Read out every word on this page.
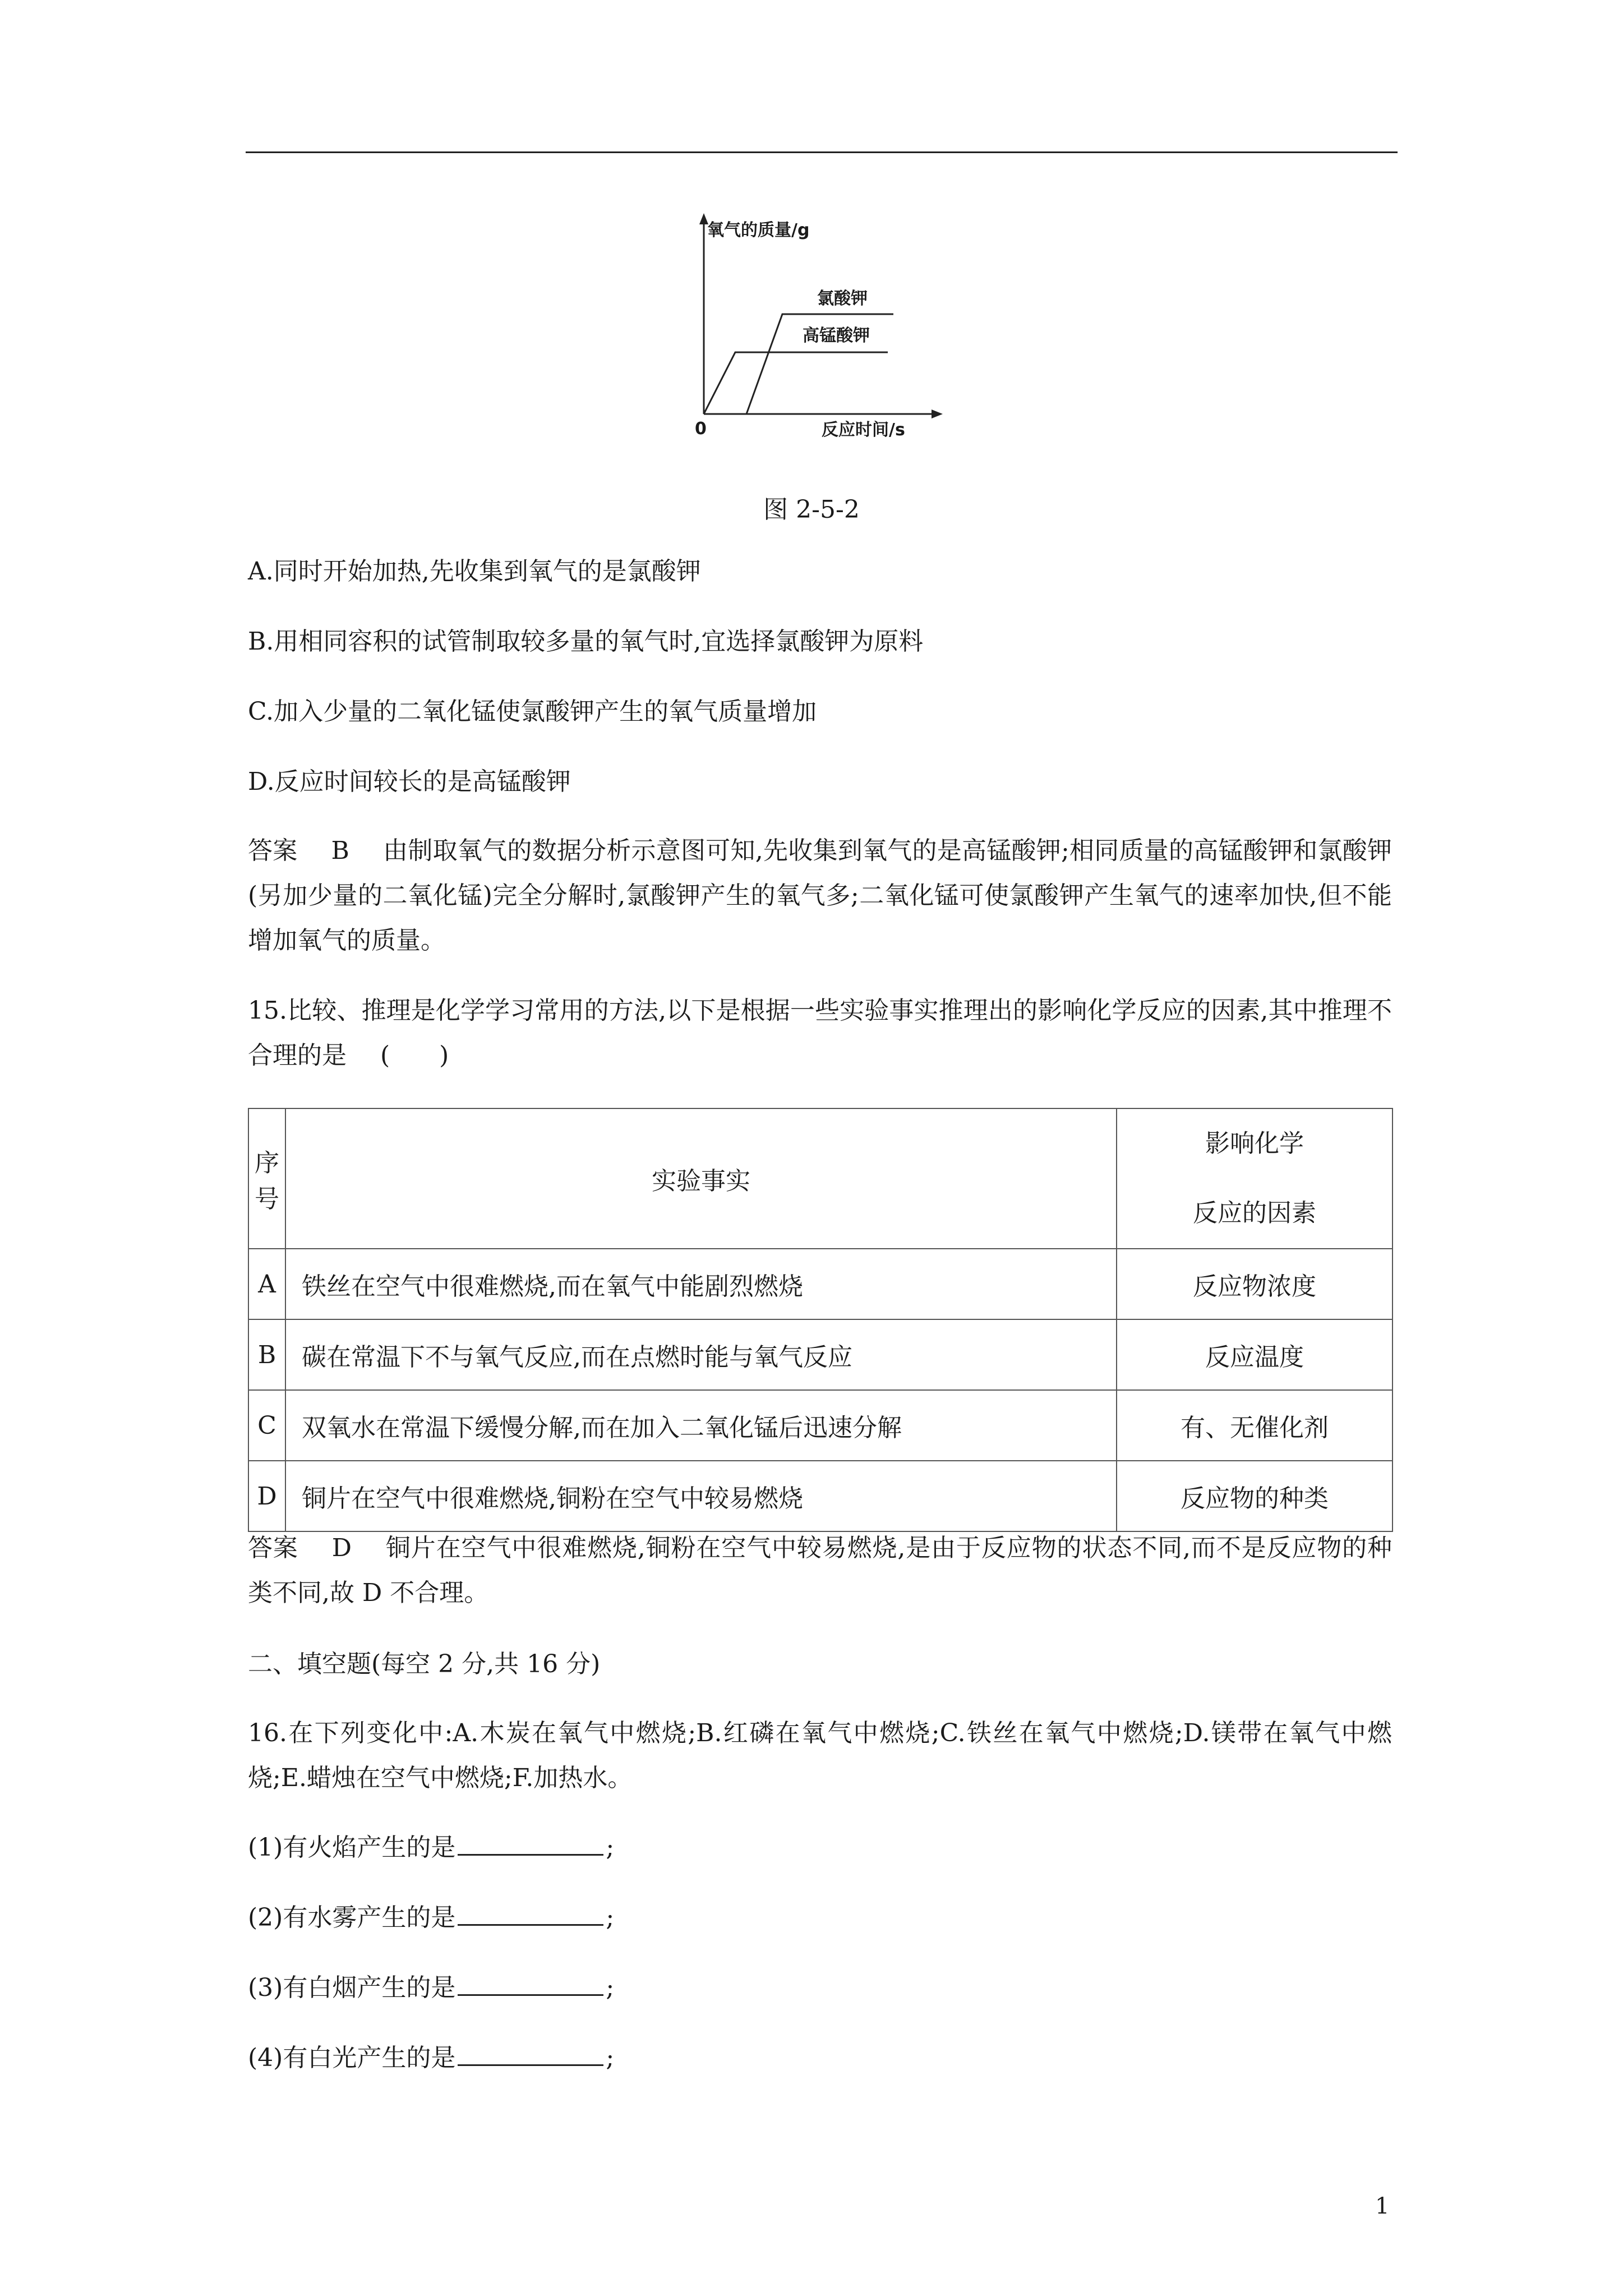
氧气的质量/g
反应时间/s
0
氯酸钾
高锰酸钾
图 2-5-2
A.同时开始加热,先收集到氧气的是氯酸钾
B.用相同容积的试管制取较多量的氧气时,宜选择氯酸钾为原料
C.加入少量的二氧化锰使氯酸钾产生的氧气质量增加
D.反应时间较长的是高锰酸钾
答案 B 由制取氧气的数据分析示意图可知,先收集到氧气的是高锰酸钾;相同质量的高锰酸钾和氯酸钾(另加少量的二氧化锰)完全分解时,氯酸钾产生的氧气多;二氧化锰可使氯酸钾产生氧气的速率加快,但不能增加氧气的质量。
15.比较、推理是化学学习常用的方法,以下是根据一些实验事实推理出的影响化学反应的因素,其中推理不合理的是 (　　)
序号	实验事实	影响化学
反应的因素

A	铁丝在空气中很难燃烧,而在氧气中能剧烈燃烧	反应物浓度
B	碳在常温下不与氧气反应,而在点燃时能与氧气反应	反应温度
C	双氧水在常温下缓慢分解,而在加入二氧化锰后迅速分解	有、无催化剂
D	铜片在空气中很难燃烧,铜粉在空气中较易燃烧	反应物的种类
答案 D 铜片在空气中很难燃烧,铜粉在空气中较易燃烧,是由于反应物的状态不同,而不是反应物的种类不同,故 D 不合理。
二、填空题(每空 2 分,共 16 分)
16.在下列变化中:A.木炭在氧气中燃烧;B.红磷在氧气中燃烧;C.铁丝在氧气中燃烧;D.镁带在氧气中燃烧;E.蜡烛在空气中燃烧;F.加热水。
(1)有火焰产生的是	;
(2)有水雾产生的是	;
(3)有白烟产生的是	;
(4)有白光产生的是	;
1
